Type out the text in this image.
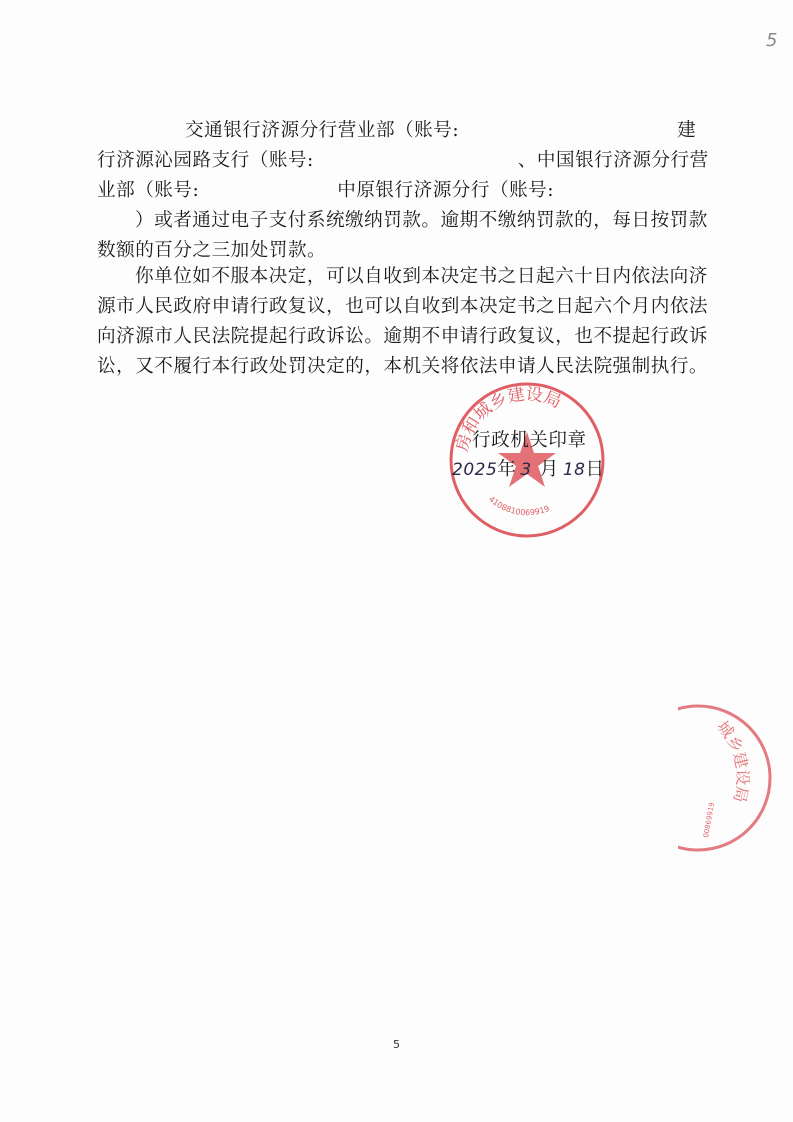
5
交通银行济源分行营业部（账号:	建
行济源沁园路支行（账号:	、中国银行济源分行营
业部（账号:	中原银行济源分行（账号:
）或者通过电子支付系统缴纳罚款。逾期不缴纳罚款的，每日按罚款
数额的百分之三加处罚款。
你单位如不服本决定，可以自收到本决定书之日起六十日内依法向济
源市人民政府申请行政复议，也可以自收到本决定书之日起六个月内依法
向济源市人民法院提起行政诉讼。逾期不申请行政复议，也不提起行政诉
讼，又不履行本行政处罚决定的，本机关将依法申请人民法院强制执行。
房和城乡建设局
4108810069919
城乡建设局
00869919
行政机关印章
2025年 3 月 18日
5
